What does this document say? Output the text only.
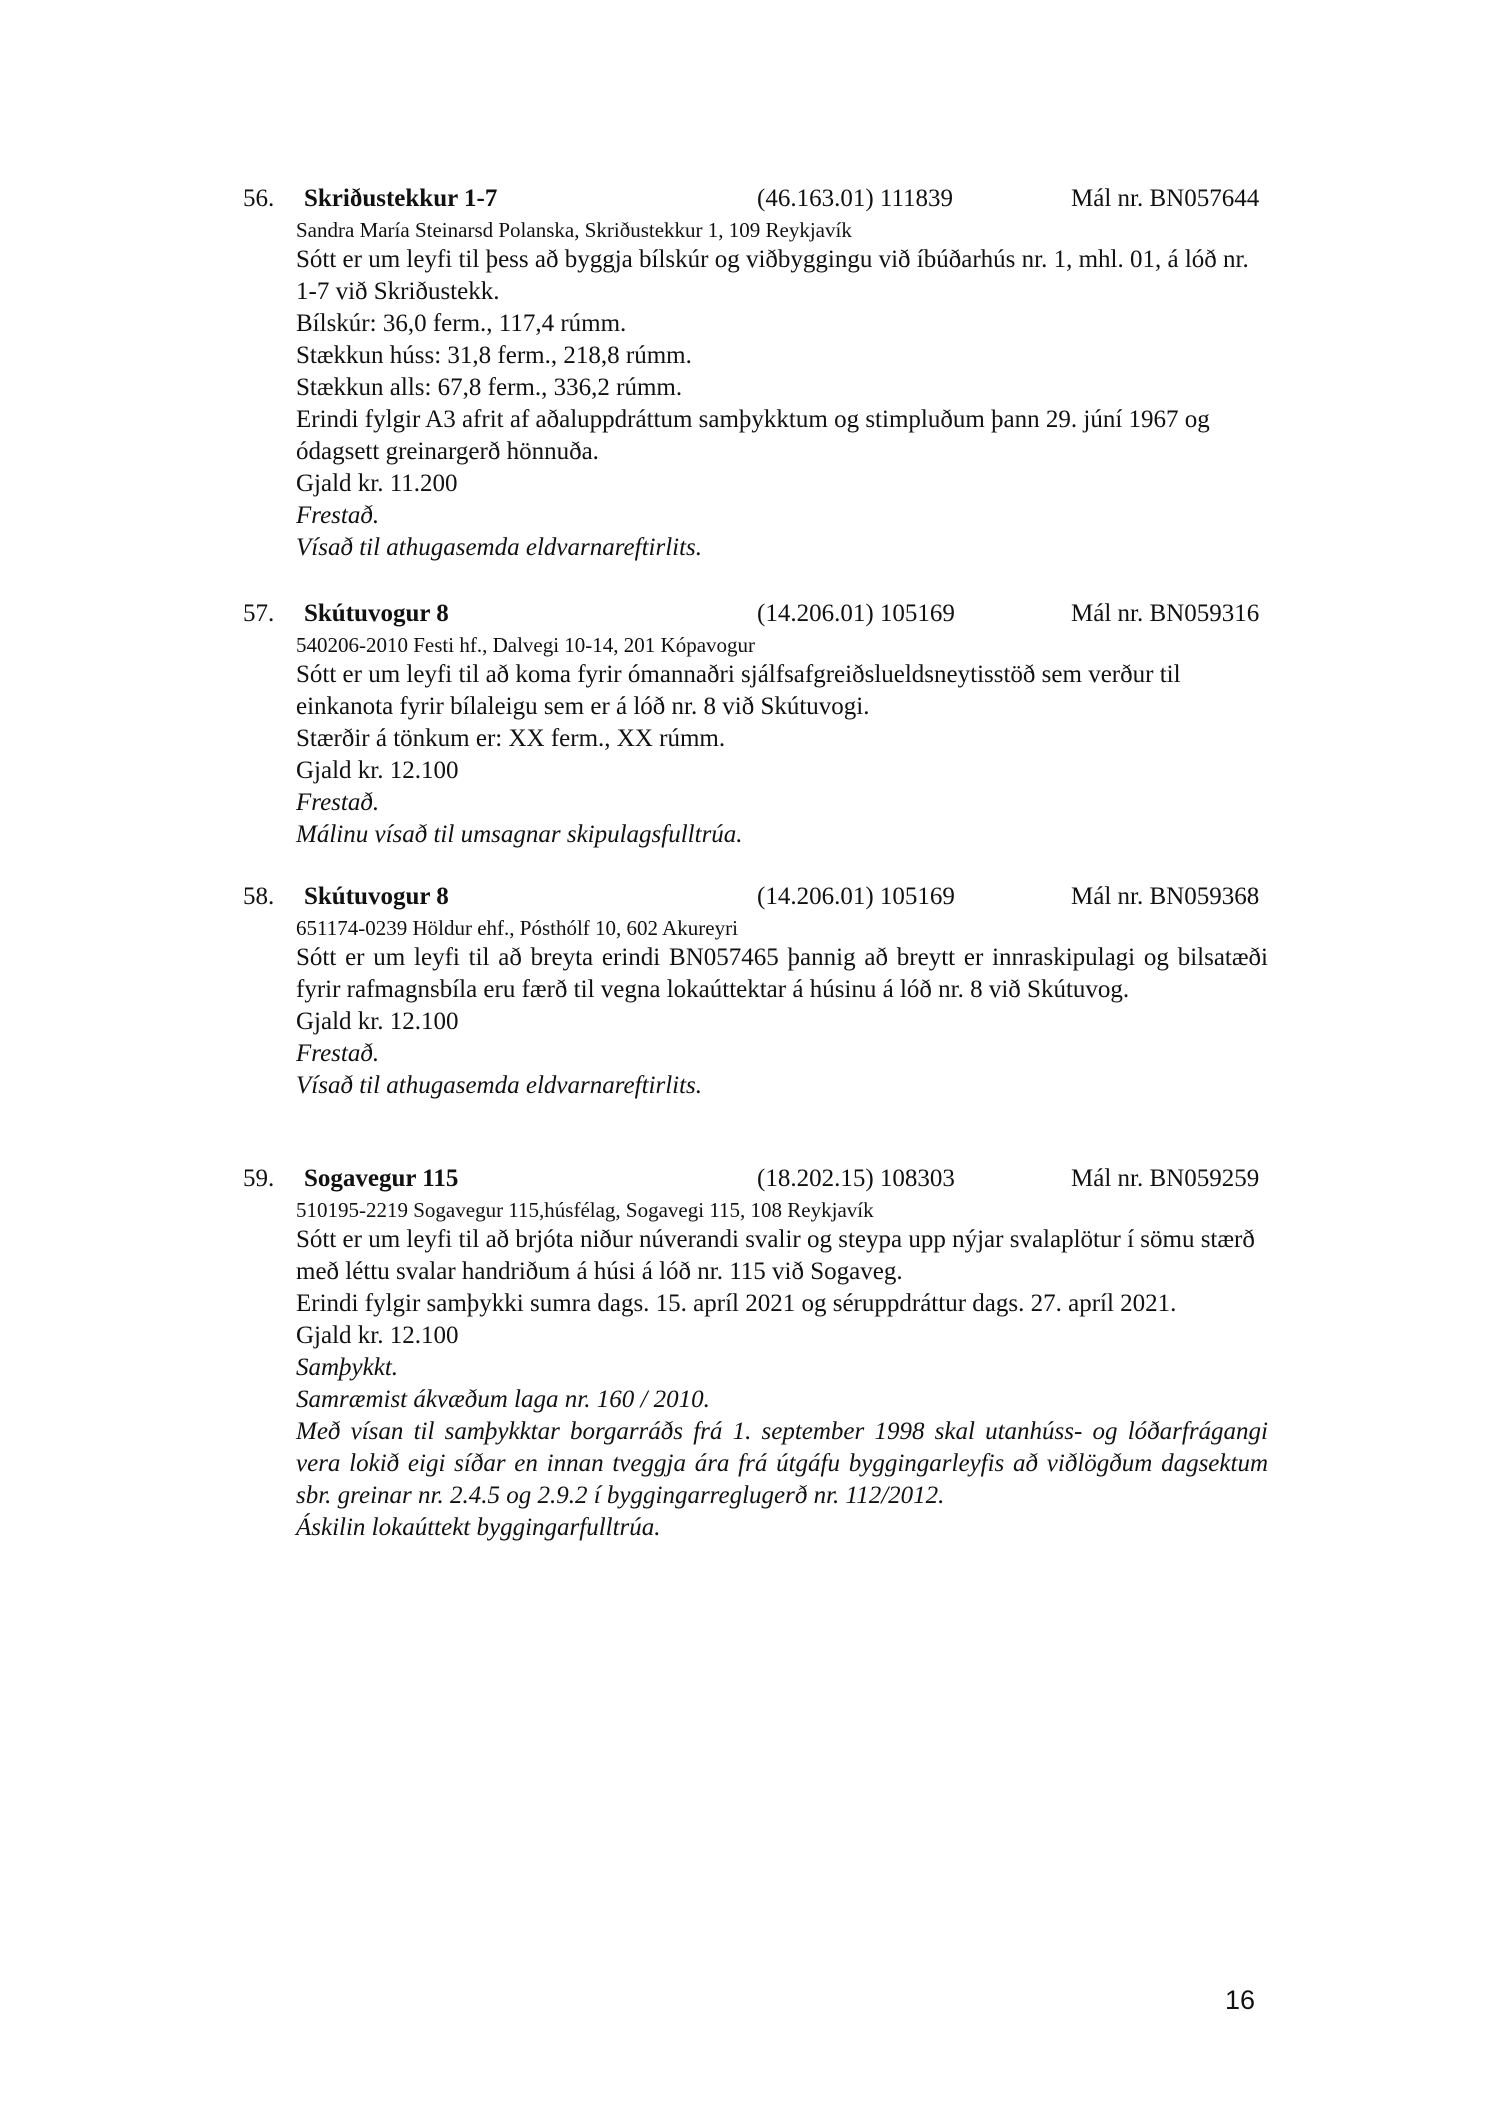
56. Skriðustekkur 1-7	(46.163.01) 111839	Mál nr. BN057644
Sandra María Steinarsd Polanska, Skriðustekkur 1, 109 Reykjavík
Sótt er um leyfi til þess að byggja bílskúr og viðbyggingu við íbúðarhús nr. 1, mhl. 01, á lóð nr. 1-7 við Skriðustekk.
Bílskúr: 36,0 ferm., 117,4 rúmm.
Stækkun húss: 31,8 ferm., 218,8 rúmm.
Stækkun alls: 67,8 ferm., 336,2 rúmm.
Erindi fylgir A3 afrit af aðaluppdráttum samþykktum og stimpluðum þann 29. júní 1967 og ódagsett greinargerð hönnuða.
Gjald kr. 11.200
Frestað.
Vísað til athugasemda eldvarnareftirlits.
57. Skútuvogur 8	(14.206.01) 105169	Mál nr. BN059316
540206-2010 Festi hf., Dalvegi 10-14, 201 Kópavogur
Sótt er um leyfi til að koma fyrir ómannaðri sjálfsafgreiðslueldsneytisstöð sem verður til einkanota fyrir bílaleigu sem er á lóð nr. 8 við Skútuvogi.
Stærðir á tönkum er: XX ferm., XX rúmm.
Gjald kr. 12.100
Frestað.
Málinu vísað til umsagnar skipulagsfulltrúa.
58. Skútuvogur 8	(14.206.01) 105169	Mál nr. BN059368
651174-0239 Höldur ehf., Pósthólf 10, 602 Akureyri
Sótt er um leyfi til að breyta erindi BN057465 þannig að breytt er innraskipulagi og bilsatæði fyrir rafmagnsbíla eru færð til vegna lokaúttektar á húsinu á lóð nr. 8 við Skútuvog.
Gjald kr. 12.100
Frestað.
Vísað til athugasemda eldvarnareftirlits.
59. Sogavegur 115	(18.202.15) 108303	Mál nr. BN059259
510195-2219 Sogavegur 115,húsfélag, Sogavegi 115, 108 Reykjavík
Sótt er um leyfi til að brjóta niður núverandi svalir og steypa upp nýjar svalaplötur í sömu stærð með léttu svalar handriðum á húsi á lóð nr. 115 við Sogaveg.
Erindi fylgir samþykki sumra dags. 15. apríl 2021 og séruppdráttur dags. 27. apríl 2021.
Gjald kr. 12.100
Samþykkt.
Samræmist ákvæðum laga nr. 160 / 2010.
Með vísan til samþykktar borgarráðs frá 1. september 1998 skal utanhúss- og lóðarfrágangi vera lokið eigi síðar en innan tveggja ára frá útgáfu byggingarleyfis að viðlögðum dagsektum sbr. greinar nr. 2.4.5 og 2.9.2 í byggingarreglugerð nr. 112/2012.
Áskilin lokaúttekt byggingarfulltrúa.
16
